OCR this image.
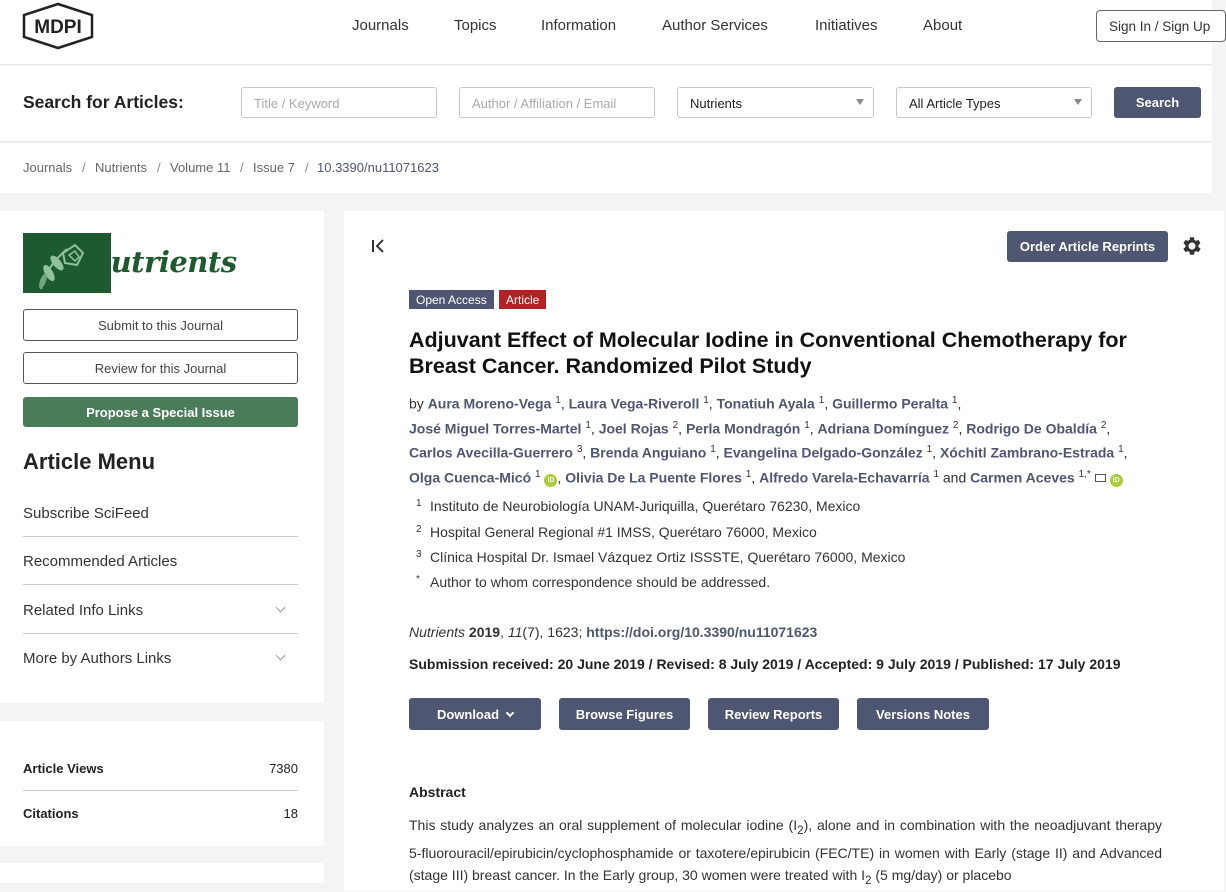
MDPI	Journals	Topics	Information	Author Services	Initiatives	About	Sign In / Sign Up
Search for Articles:	Title / Keyword	Author / Affiliation / Email	Nutrients	All Article Types	Search
Journals / Nutrients / Volume 11 / Issue 7 / 10.3390/nu11071623
nutrients
Submit to this Journal
Review for this Journal
Propose a Special Issue
Article Menu
Subscribe SciFeed
Recommended Articles
Related Info Links
More by Authors Links
Article Views	7380
Citations	18
Order Article Reprints
Open Access	Article
Adjuvant Effect of Molecular Iodine in Conventional Chemotherapy for Breast Cancer. Randomized Pilot Study
by Aura Moreno-Vega $^1$, Laura Vega-Riveroll $^1$, Tonatiuh Ayala $^1$, Guillermo Peralta $^1$,
José Miguel Torres-Martel $^1$, Joel Rojas $^2$, Perla Mondragón $^1$, Adriana Domínguez $^2$, Rodrigo De Obaldía $^2$,
Carlos Avecilla-Guerrero $^3$, Brenda Anguiano $^1$, Evangelina Delgado-González $^1$, Xóchitl Zambrano-Estrada $^1$,
Olga Cuenca-Micó $^1$ iD , Olivia De La Puente Flores $^1$, Alfredo Varela-Echavarría $^1$ and Carmen Aceves $^{1,*}$ iD
1 Instituto de Neurobiología UNAM-Juriquilla, Querétaro 76230, Mexico
2 Hospital General Regional #1 IMSS, Querétaro 76000, Mexico
3 Clínica Hospital Dr. Ismael Vázquez Ortiz ISSSTE, Querétaro 76000, Mexico
* Author to whom correspondence should be addressed.
Nutrients 2019, 11(7), 1623; https://doi.org/10.3390/nu11071623
Submission received: 20 June 2019 / Revised: 8 July 2019 / Accepted: 9 July 2019 / Published: 17 July 2019
Download	Browse Figures	Review Reports	Versions Notes
Abstract
This study analyzes an oral supplement of molecular iodine $(I_2)$, alone and in combination with the neoadjuvant therapy 5-fluorouracil/epirubicin/cyclophosphamide or taxotere/epirubicin (FEC/TE) in women with Early (stage II) and Advanced (stage III) breast cancer. In the Early group, 30 women were treated with $I_2$ (5 mg/day) or placebo
